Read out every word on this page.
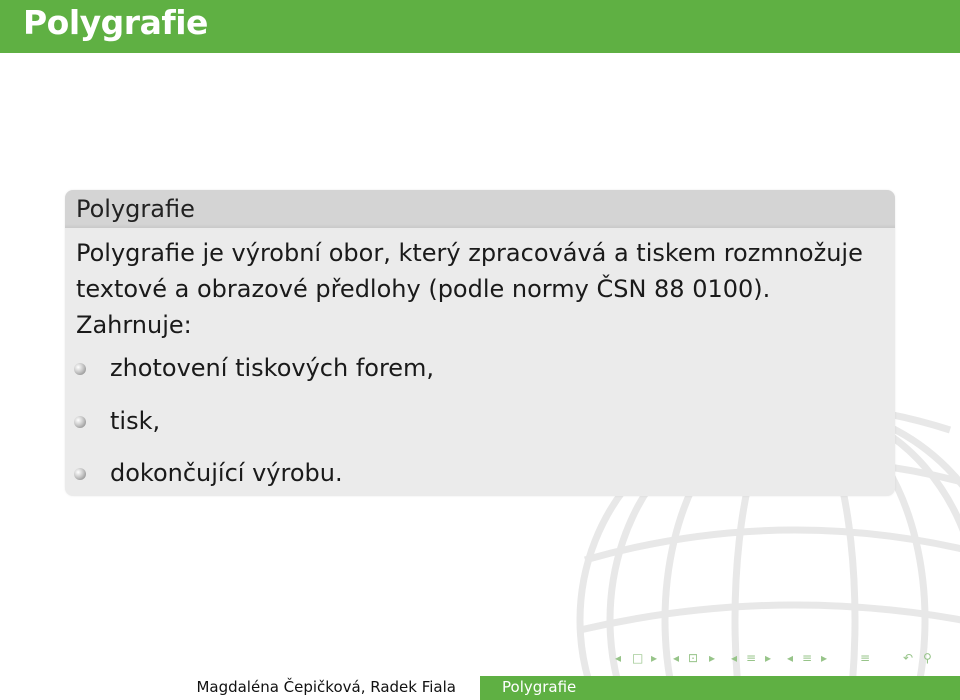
Polygrafie
Polygrafie

Polygrafie je výrobní obor, který zpracovává a tiskem rozmnožuje

textové a obrazové předlohy (podle normy ČSN 88 0100).

Zahrnuje:

zhotovení tiskových forem,
tisk,
dokončující výrobu.
◂ □ ▸ ◂ ⊡ ▸ ◂ ≡ ▸ ◂ ≡ ▸	≡	↶ ⚲
Magdaléna Čepičková, Radek Fiala	Polygrafie
